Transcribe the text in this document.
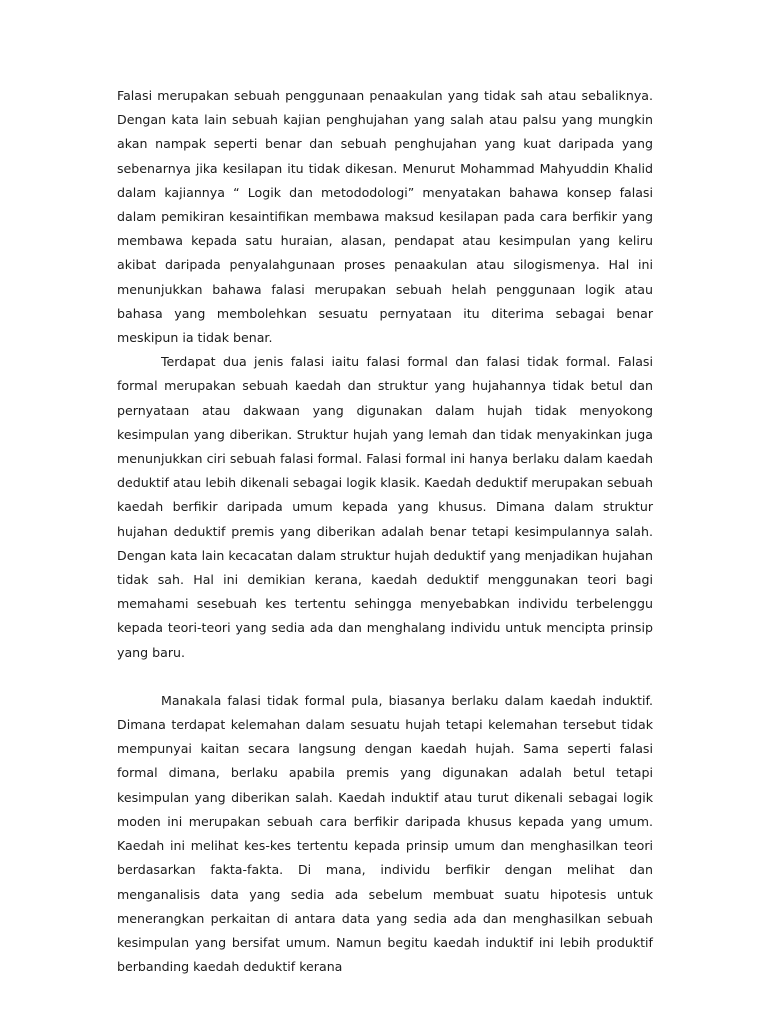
Falasi merupakan sebuah penggunaan penaakulan yang tidak sah atau sebaliknya. Dengan kata lain sebuah kajian penghujahan yang salah atau palsu yang mungkin akan nampak seperti benar dan sebuah penghujahan yang kuat daripada yang sebenarnya jika kesilapan itu tidak dikesan. Menurut Mohammad Mahyuddin Khalid dalam kajiannya “ Logik dan metododologi” menyatakan bahawa konsep falasi dalam pemikiran kesaintifikan membawa maksud kesilapan pada cara berfikir yang membawa kepada satu huraian, alasan, pendapat atau kesimpulan yang keliru akibat daripada penyalahgunaan proses penaakulan atau silogismenya. Hal ini menunjukkan bahawa falasi merupakan sebuah helah penggunaan logik atau bahasa yang membolehkan sesuatu pernyataan itu diterima sebagai benar meskipun ia tidak benar.

Terdapat dua jenis falasi iaitu falasi formal dan falasi tidak formal. Falasi formal merupakan sebuah kaedah dan struktur yang hujahannya tidak betul dan pernyataan atau dakwaan yang digunakan dalam hujah tidak menyokong kesimpulan yang diberikan. Struktur hujah yang lemah dan tidak menyakinkan juga menunjukkan ciri sebuah falasi formal. Falasi formal ini hanya berlaku dalam kaedah deduktif atau lebih dikenali sebagai logik klasik. Kaedah deduktif merupakan sebuah kaedah berfikir daripada umum kepada yang khusus. Dimana dalam struktur hujahan deduktif premis yang diberikan adalah benar tetapi kesimpulannya salah. Dengan kata lain kecacatan dalam struktur hujah deduktif yang menjadikan hujahan tidak sah. Hal ini demikian kerana, kaedah deduktif menggunakan teori bagi memahami sesebuah kes tertentu sehingga menyebabkan individu terbelenggu kepada teori-teori yang sedia ada dan menghalang individu untuk mencipta prinsip yang baru.

Manakala falasi tidak formal pula, biasanya berlaku dalam kaedah induktif. Dimana terdapat kelemahan dalam sesuatu hujah tetapi kelemahan tersebut tidak mempunyai kaitan secara langsung dengan kaedah hujah. Sama seperti falasi formal dimana, berlaku apabila premis yang digunakan adalah betul tetapi kesimpulan yang diberikan salah. Kaedah induktif atau turut dikenali sebagai logik moden ini merupakan sebuah cara berfikir daripada khusus kepada yang umum. Kaedah ini melihat kes-kes tertentu kepada prinsip umum dan menghasilkan teori berdasarkan fakta-fakta. Di mana, individu berfikir dengan melihat dan menganalisis data yang sedia ada sebelum membuat suatu hipotesis untuk menerangkan perkaitan di antara data yang sedia ada dan menghasilkan sebuah kesimpulan yang bersifat umum. Namun begitu kaedah induktif ini lebih produktif berbanding kaedah deduktif kerana
